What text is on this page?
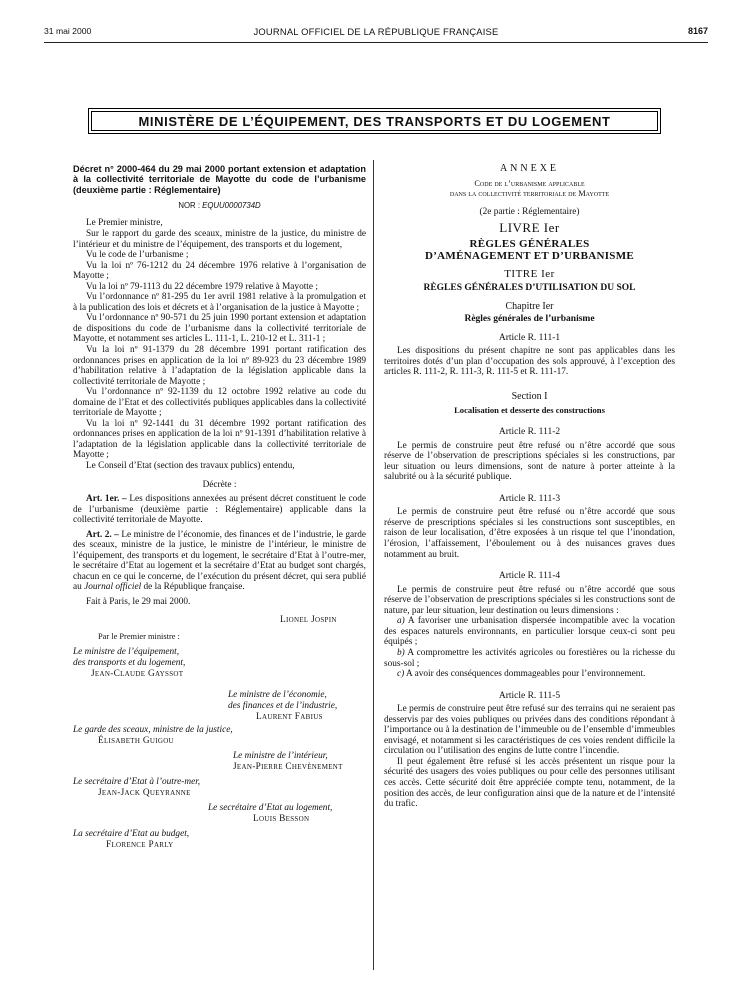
31 mai 2000	JOURNAL OFFICIEL DE LA RÉPUBLIQUE FRANÇAISE	8167
MINISTÈRE DE L’ÉQUIPEMENT, DES TRANSPORTS ET DU LOGEMENT

Décret n° 2000-464 du 29 mai 2000 portant extension et adaptation à la collectivité territoriale de Mayotte du code de l’urbanisme (deuxième partie : Réglementaire)

NOR : EQUU0000734D

Le Premier ministre,

Sur le rapport du garde des sceaux, ministre de la justice, du ministre de l’intérieur et du ministre de l’équipement, des transports et du logement,

Vu le code de l’urbanisme ;

Vu la loi nº 76-1212 du 24 décembre 1976 relative à l’organisation de Mayotte ;

Vu la loi nº 79-1113 du 22 décembre 1979 relative à Mayotte ;

Vu l’ordonnance nº 81-295 du 1er avril 1981 relative à la promulgation et à la publication des lois et décrets et à l’organisation de la justice à Mayotte ;

Vu l’ordonnance nº 90-571 du 25 juin 1990 portant extension et adaptation de dispositions du code de l’urbanisme dans la collectivité territoriale de Mayotte, et notamment ses articles L. 111-1, L. 210-12 et L. 311-1 ;

Vu la loi nº 91-1379 du 28 décembre 1991 portant ratification des ordonnances prises en application de la loi nº 89-923 du 23 décembre 1989 d’habilitation relative à l’adaptation de la législation applicable dans la collectivité territoriale de Mayotte ;

Vu l’ordonnance nº 92-1139 du 12 octobre 1992 relative au code du domaine de l’Etat et des collectivités publiques applicables dans la collectivité territoriale de Mayotte ;

Vu la loi nº 92-1441 du 31 décembre 1992 portant ratification des ordonnances prises en application de la loi nº 91-1391 d’habilitation relative à l’adaptation de la législation applicable dans la collectivité territoriale de Mayotte ;

Le Conseil d’Etat (section des travaux publics) entendu,

Décrète :

Art. 1er. – Les dispositions annexées au présent décret constituent le code de l’urbanisme (deuxième partie : Réglementaire) applicable dans la collectivité territoriale de Mayotte.

Art. 2. – Le ministre de l’économie, des finances et de l’industrie, le garde des sceaux, ministre de la justice, le ministre de l’intérieur, le ministre de l’équipement, des transports et du logement, le secrétaire d’Etat à l’outre-mer, le secrétaire d’Etat au logement et la secrétaire d’Etat au budget sont chargés, chacun en ce qui le concerne, de l’exécution du présent décret, qui sera publié au Journal officiel de la République française.

Fait à Paris, le 29 mai 2000.

Lionel Jospin

Par le Premier ministre :

Le ministre de l’équipement,

des transports et du logement,

Jean-Claude Gayssot

Le ministre de l’économie,

des finances et de l’industrie,

Laurent Fabius

Le garde des sceaux, ministre de la justice,

Élisabeth Guigou

Le ministre de l’intérieur,

Jean-Pierre Chevènement

Le secrétaire d’Etat à l’outre-mer,

Jean-Jack Queyranne

Le secrétaire d’Etat au logement,

Louis Besson

La secrétaire d’Etat au budget,

Florence Parly

ANNEXE

Code de l’urbanisme applicable

dans la collectivité territoriale de Mayotte

(2e partie : Réglementaire)

LIVRE Ier

RÈGLES GÉNÉRALES

D’AMÉNAGEMENT ET D’URBANISME

TITRE Ier

RÈGLES GÉNÉRALES D’UTILISATION DU SOL

Chapitre Ier

Règles générales de l’urbanisme

Article R. 111-1

Les dispositions du présent chapitre ne sont pas applicables dans les territoires dotés d’un plan d’occupation des sols approuvé, à l’exception des articles R. 111-2, R. 111-3, R. 111-5 et R. 111-17.

Section I

Localisation et desserte des constructions

Article R. 111-2

Le permis de construire peut être refusé ou n’être accordé que sous réserve de l’observation de prescriptions spéciales si les constructions, par leur situation ou leurs dimensions, sont de nature à porter atteinte à la salubrité ou à la sécurité publique.

Article R. 111-3

Le permis de construire peut être refusé ou n’être accordé que sous réserve de prescriptions spéciales si les constructions sont susceptibles, en raison de leur localisation, d’être exposées à un risque tel que l’inondation, l’érosion, l’affaissement, l’éboulement ou à des nuisances graves dues notamment au bruit.

Article R. 111-4

Le permis de construire peut être refusé ou n’être accordé que sous réserve de l’observation de prescriptions spéciales si les constructions sont de nature, par leur situation, leur destination ou leurs dimensions :

a) A favoriser une urbanisation dispersée incompatible avec la vocation des espaces naturels environnants, en particulier lorsque ceux-ci sont peu équipés ;

b) A compromettre les activités agricoles ou forestières ou la richesse du sous-sol ;

c) A avoir des conséquences dommageables pour l’environnement.

Article R. 111-5

Le permis de construire peut être refusé sur des terrains qui ne seraient pas desservis par des voies publiques ou privées dans des conditions répondant à l’importance ou à la destination de l’immeuble ou de l’ensemble d’immeubles envisagé, et notamment si les caractéristiques de ces voies rendent difficile la circulation ou l’utilisation des engins de lutte contre l’incendie.

Il peut également être refusé si les accès présentent un risque pour la sécurité des usagers des voies publiques ou pour celle des personnes utilisant ces accès. Cette sécurité doit être appréciée compte tenu, notamment, de la position des accès, de leur configuration ainsi que de la nature et de l’intensité du trafic.
